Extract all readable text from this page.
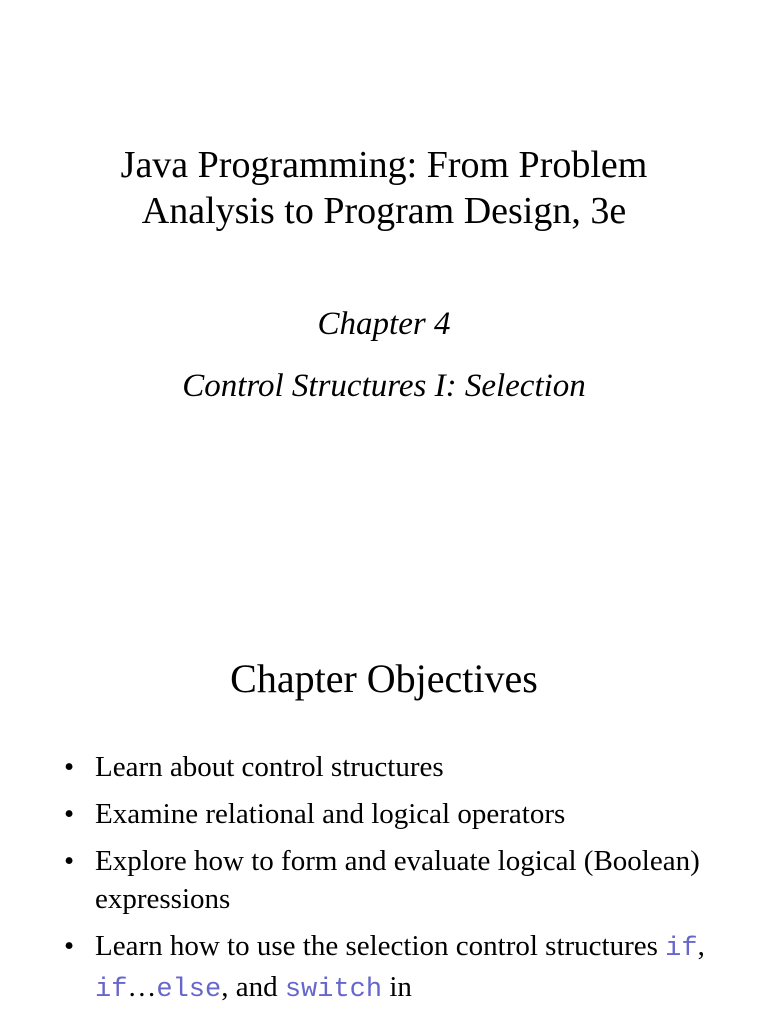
Java Programming: From Problem
Analysis to Program Design, 3e
Chapter 4
Control Structures I: Selection
Chapter Objectives
• Learn about control structures
• Examine relational and logical operators
• Explore how to form and evaluate logical (Boolean) expressions
• Learn how to use the selection control structures if, if…else, and switch in
